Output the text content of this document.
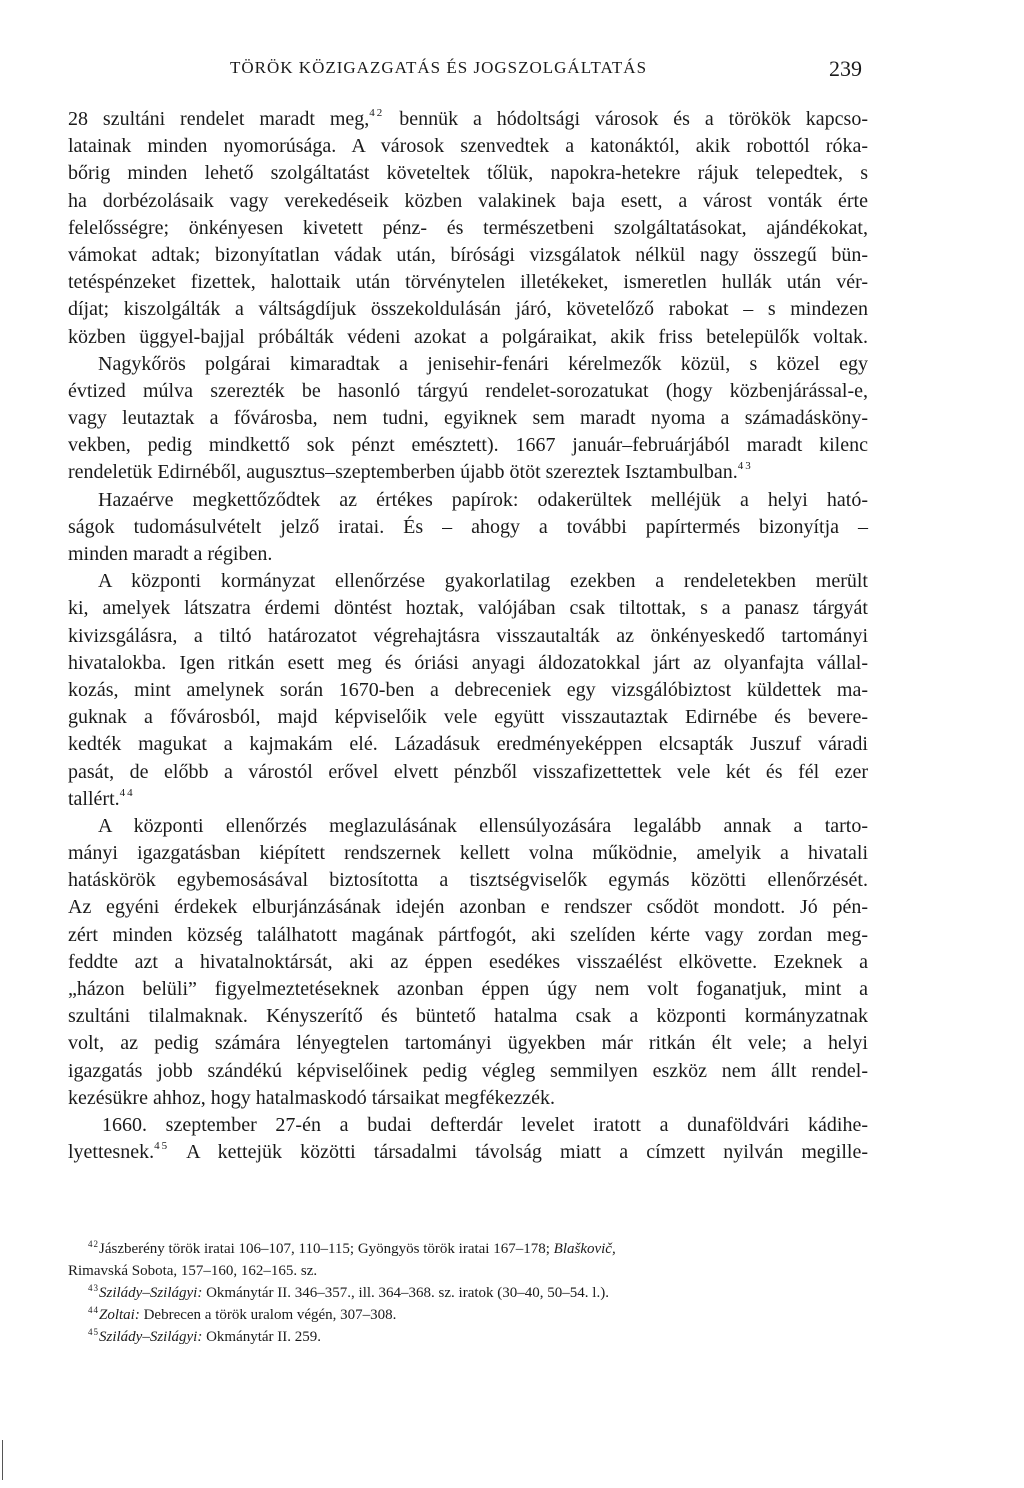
TÖRÖK KÖZIGAZGATÁS ÉS JOGSZOLGÁLTATÁS	239
28 szultáni rendelet maradt meg,$^{42}$ bennük a hódoltsági városok és a törökök kapcso-
latainak minden nyomorúsága. A városok szenvedtek a katonáktól, akik robottól róka-
bőrig minden lehető szolgáltatást követeltek tőlük, napokra-hetekre rájuk telepedtek, s
ha dorbézolásaik vagy verekedéseik közben valakinek baja esett, a várost vonták érte
felelősségre; önkényesen kivetett pénz- és természetbeni szolgáltatásokat, ajándékokat,
vámokat adtak; bizonyítatlan vádak után, bírósági vizsgálatok nélkül nagy összegű bün-
tetéspénzeket fizettek, halottaik után törvénytelen illetékeket, ismeretlen hullák után vér-
díjat; kiszolgálták a váltságdíjuk összekoldulásán járó, követelőző rabokat – s mindezen
közben üggyel-bajjal próbálták védeni azokat a polgáraikat, akik friss betelepülők voltak.
Nagykőrös polgárai kimaradtak a jenisehir-fenári kérelmezők közül, s közel egy
évtized múlva szerezték be hasonló tárgyú rendelet-sorozatukat (hogy közbenjárással-e,
vagy leutaztak a fővárosba, nem tudni, egyiknek sem maradt nyoma a számadásköny-
vekben, pedig mindkettő sok pénzt emésztett). 1667 január–februárjából maradt kilenc
rendeletük Edirnéből, augusztus–szeptemberben újabb ötöt szereztek Isztambulban.$^{43}$
Hazaérve megkettőződtek az értékes papírok: odakerültek melléjük a helyi ható-
ságok tudomásulvételt jelző iratai. És – ahogy a további papírtermés bizonyítja –
minden maradt a régiben.
A központi kormányzat ellenőrzése gyakorlatilag ezekben a rendeletekben merült
ki, amelyek látszatra érdemi döntést hoztak, valójában csak tiltottak, s a panasz tárgyát
kivizsgálásra, a tiltó határozatot végrehajtásra visszautalták az önkényeskedő tartományi
hivatalokba. Igen ritkán esett meg és óriási anyagi áldozatokkal járt az olyanfajta vállal-
kozás, mint amelynek során 1670-ben a debreceniek egy vizsgálóbiztost küldettek ma-
guknak a fővárosból, majd képviselőik vele együtt visszautaztak Edirnébe és bevere-
kedték magukat a kajmakám elé. Lázadásuk eredményeképpen elcsapták Juszuf váradi
pasát, de előbb a várostól erővel elvett pénzből visszafizettettek vele két és fél ezer
tallért.$^{44}$
A központi ellenőrzés meglazulásának ellensúlyozására legalább annak a tarto-
mányi igazgatásban kiépített rendszernek kellett volna működnie, amelyik a hivatali
hatáskörök egybemosásával biztosította a tisztségviselők egymás közötti ellenőrzését.
Az egyéni érdekek elburjánzásának idején azonban e rendszer csődöt mondott. Jó pén-
zért minden község találhatott magának pártfogót, aki szelíden kérte vagy zordan meg-
feddte azt a hivatalnoktársát, aki az éppen esedékes visszaélést elkövette. Ezeknek a
„házon belüli” figyelmeztetéseknek azonban éppen úgy nem volt foganatjuk, mint a
szultáni tilalmaknak. Kényszerítő és büntető hatalma csak a központi kormányzatnak
volt, az pedig számára lényegtelen tartományi ügyekben már ritkán élt vele; a helyi
igazgatás jobb szándékú képviselőinek pedig végleg semmilyen eszköz nem állt rendel-
kezésükre ahhoz, hogy hatalmaskodó társaikat megfékezzék.
1660. szeptember 27-én a budai defterdár levelet iratott a dunaföldvári kádihe-
lyettesnek.$^{45}$ A kettejük közötti társadalmi távolság miatt a címzett nyilván megille-
$^{42}$Jászberény török iratai 106–107, 110–115; Gyöngyös török iratai 167–178; Blaškovič,
Rimavská Sobota, 157–160, 162–165. sz.
$^{43}$Szilády–Szilágyi: Okmánytár II. 346–357., ill. 364–368. sz. iratok (30–40, 50–54. l.).
$^{44}$Zoltai: Debrecen a török uralom végén, 307–308.
$^{45}$Szilády–Szilágyi: Okmánytár II. 259.
